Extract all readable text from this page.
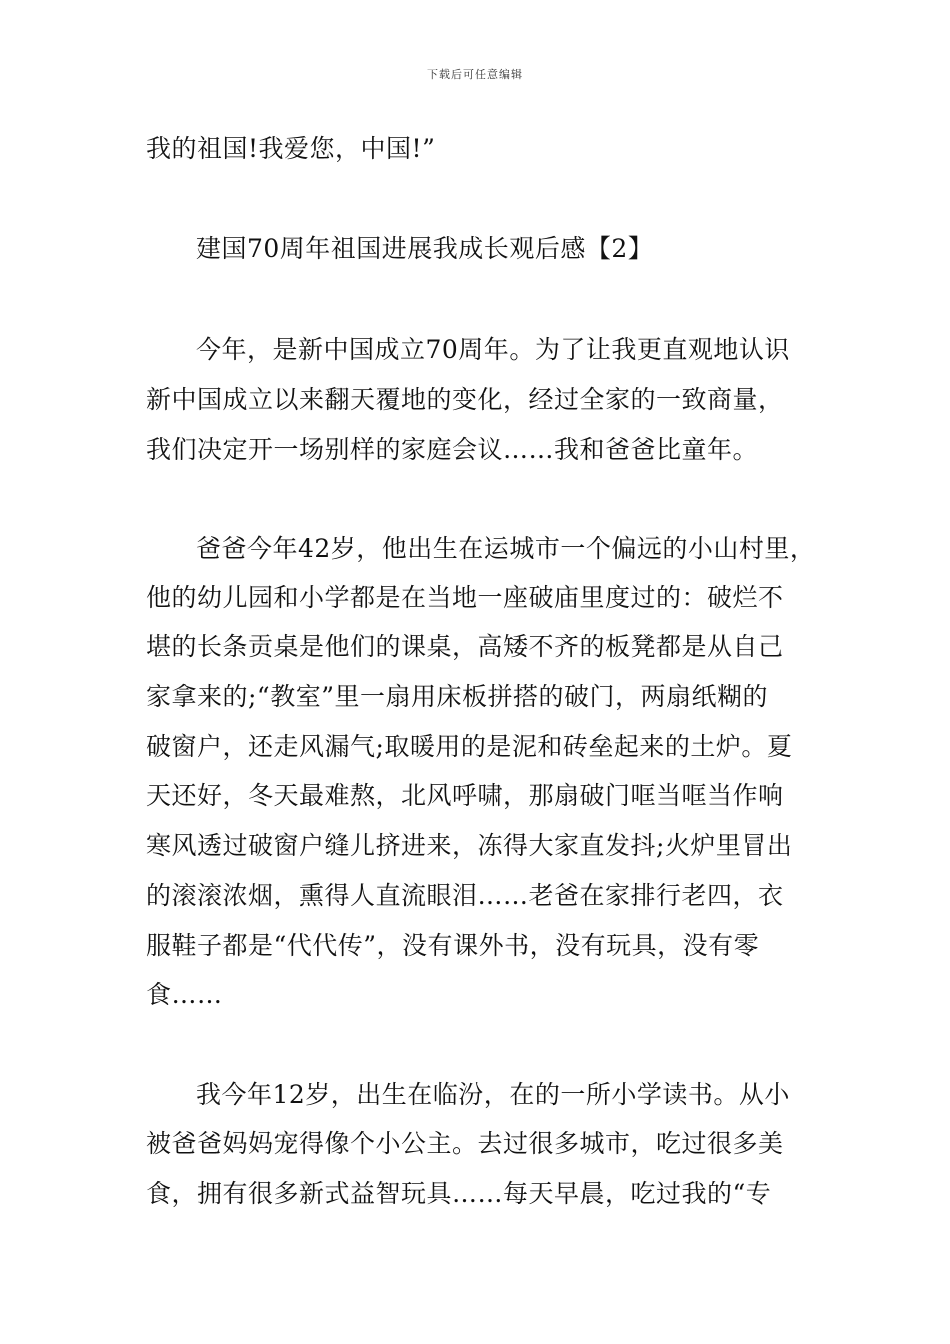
下载后可任意编辑
我的祖国!我爱您，中国!”
建国70周年祖国进展我成长观后感【2】
今年，是新中国成立70周年。为了让我更直观地认识
新中国成立以来翻天覆地的变化，经过全家的一致商量，
我们决定开一场别样的家庭会议……我和爸爸比童年。
爸爸今年42岁，他出生在运城市一个偏远的小山村里，
他的幼儿园和小学都是在当地一座破庙里度过的：破烂不
堪的长条贡桌是他们的课桌，高矮不齐的板凳都是从自己
家拿来的;“教室”里一扇用床板拼搭的破门，两扇纸糊的
破窗户，还走风漏气;取暖用的是泥和砖垒起来的土炉。夏
天还好，冬天最难熬，北风呼啸，那扇破门哐当哐当作响
寒风透过破窗户缝儿挤进来，冻得大家直发抖;火炉里冒出
的滚滚浓烟，熏得人直流眼泪……老爸在家排行老四，衣
服鞋子都是“代代传”，没有课外书，没有玩具，没有零
食……
我今年12岁，出生在临汾，在的一所小学读书。从小
被爸爸妈妈宠得像个小公主。去过很多城市，吃过很多美
食，拥有很多新式益智玩具……每天早晨，吃过我的“专
